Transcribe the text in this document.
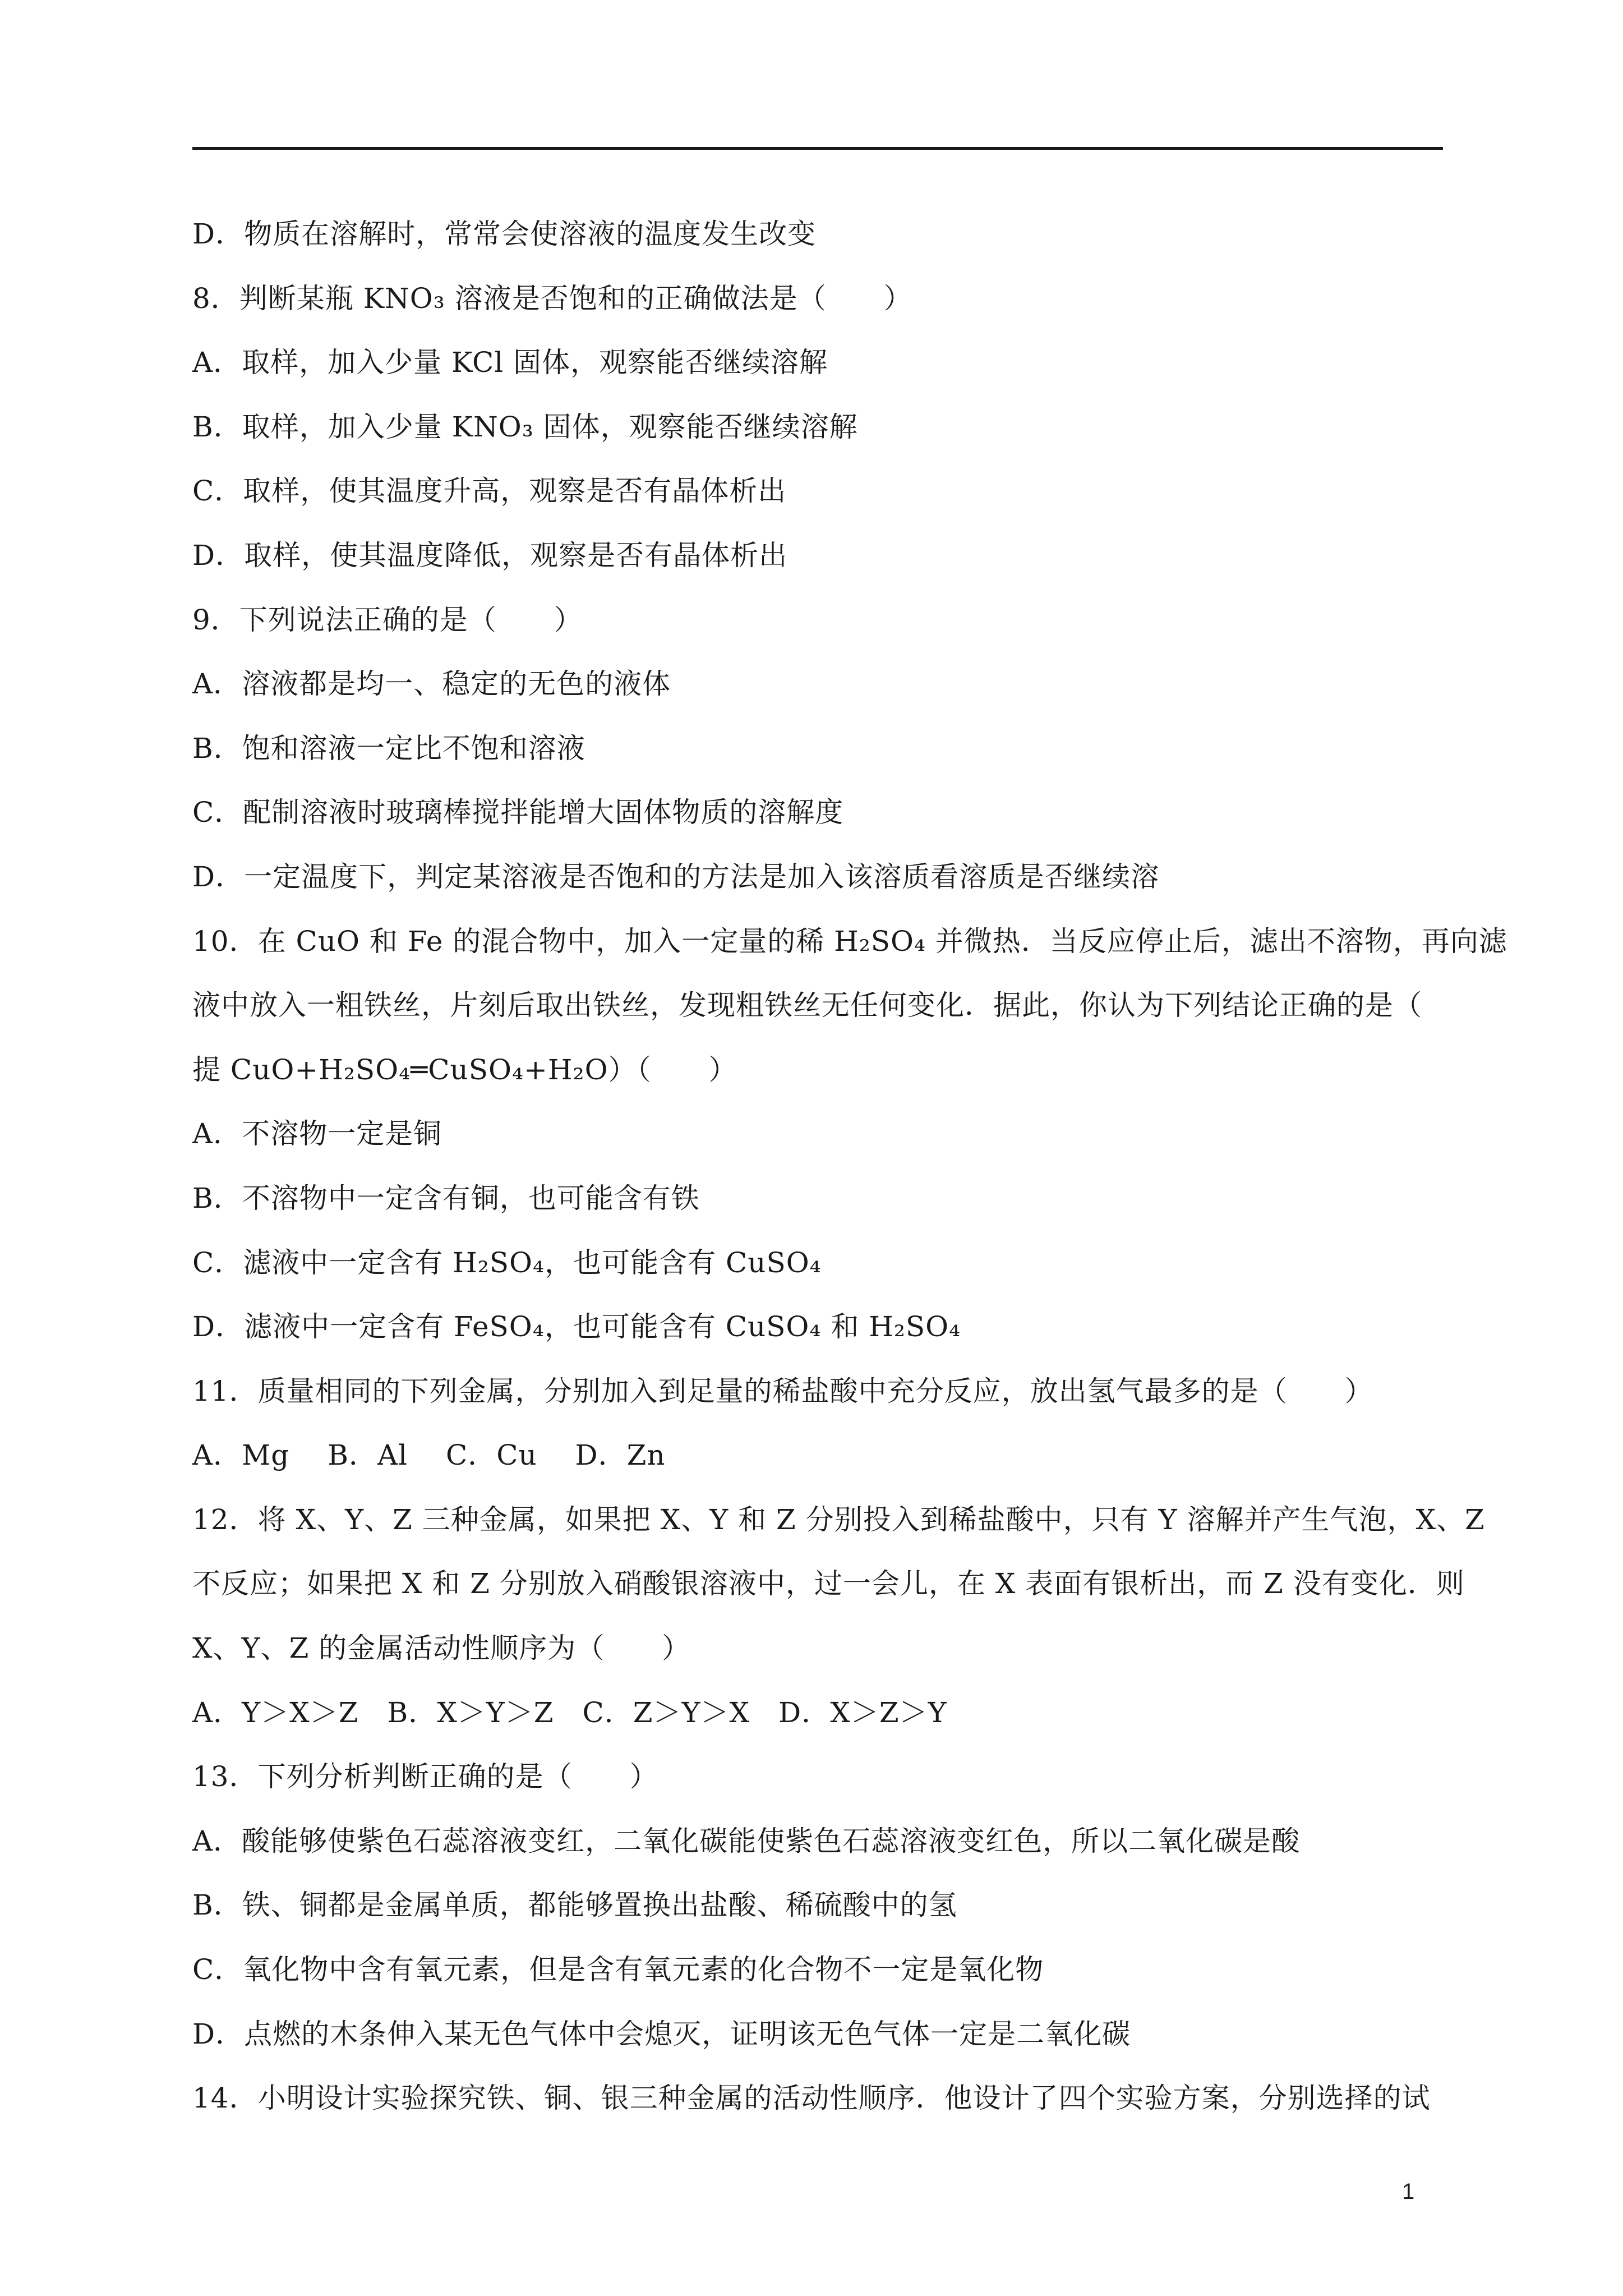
D．物质在溶解时，常常会使溶液的温度发生改变
8．判断某瓶 KNO₃ 溶液是否饱和的正确做法是（　　）
A．取样，加入少量 KCl 固体，观察能否继续溶解
B．取样，加入少量 KNO₃ 固体，观察能否继续溶解
C．取样，使其温度升高，观察是否有晶体析出
D．取样，使其温度降低，观察是否有晶体析出
9．下列说法正确的是（　　）
A．溶液都是均一、稳定的无色的液体
B．饱和溶液一定比不饱和溶液
C．配制溶液时玻璃棒搅拌能增大固体物质的溶解度
D．一定温度下，判定某溶液是否饱和的方法是加入该溶质看溶质是否继续溶
10．在 CuO 和 Fe 的混合物中，加入一定量的稀 H₂SO₄ 并微热．当反应停止后，滤出不溶物，再向滤
液中放入一粗铁丝，片刻后取出铁丝，发现粗铁丝无任何变化．据此，你认为下列结论正确的是（
提 CuO+H₂SO₄═CuSO₄+H₂O）（　　）
A．不溶物一定是铜
B．不溶物中一定含有铜，也可能含有铁
C．滤液中一定含有 H₂SO₄，也可能含有 CuSO₄
D．滤液中一定含有 FeSO₄，也可能含有 CuSO₄ 和 H₂SO₄
11．质量相同的下列金属，分别加入到足量的稀盐酸中充分反应，放出氢气最多的是（　　）
A．Mg　 B．Al　 C．Cu　 D．Zn
12．将 X、Y、Z 三种金属，如果把 X、Y 和 Z 分别投入到稀盐酸中，只有 Y 溶解并产生气泡，X、Z
不反应；如果把 X 和 Z 分别放入硝酸银溶液中，过一会儿，在 X 表面有银析出，而 Z 没有变化．则
X、Y、Z 的金属活动性顺序为（　　）
A．Y＞X＞Z　B．X＞Y＞Z　C．Z＞Y＞X　D．X＞Z＞Y
13．下列分析判断正确的是（　　）
A．酸能够使紫色石蕊溶液变红，二氧化碳能使紫色石蕊溶液变红色，所以二氧化碳是酸
B．铁、铜都是金属单质，都能够置换出盐酸、稀硫酸中的氢
C．氧化物中含有氧元素，但是含有氧元素的化合物不一定是氧化物
D．点燃的木条伸入某无色气体中会熄灭，证明该无色气体一定是二氧化碳
14．小明设计实验探究铁、铜、银三种金属的活动性顺序．他设计了四个实验方案，分别选择的试
1
